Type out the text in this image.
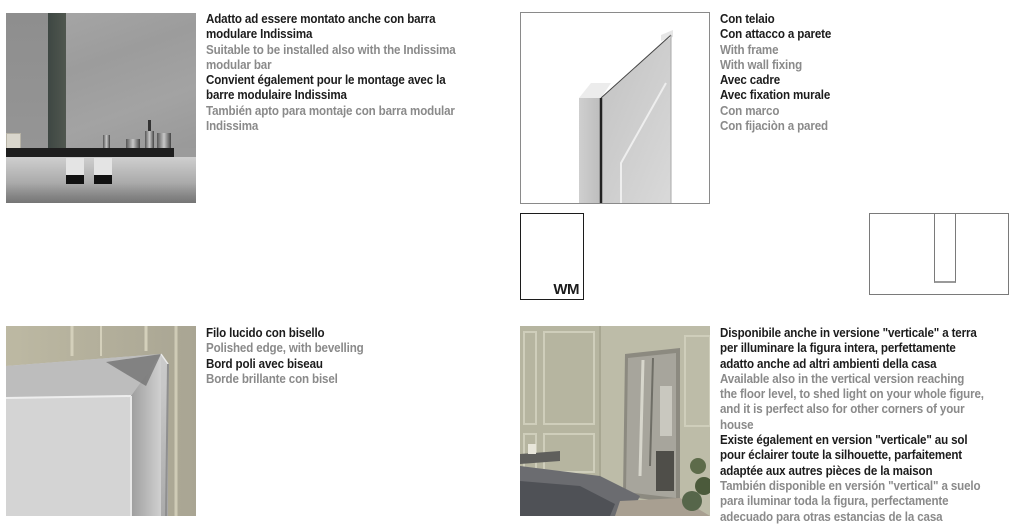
Adatto ad essere montato anche con barra
modulare Indissima
Suitable to be installed also with the Indissima
modular bar
Convient également pour le montage avec la
barre modulaire Indissima
También apto para montaje con barra modular
Indissima
Con telaio
Con attacco a parete
With frame
With wall fixing
Avec cadre
Avec fixation murale
Con marco
Con fijaciòn a pared
WM
Filo lucido con bisello
Polished edge, with bevelling
Bord poli avec biseau
Borde brillante con bisel
Disponibile anche in versione "verticale" a terra
per illuminare la figura intera, perfettamente
adatto anche ad altri ambienti della casa
Available also in the vertical version reaching
the floor level, to shed light on your whole figure,
and it is perfect also for other corners of your
house
Existe également en version "verticale" au sol
pour éclairer toute la silhouette, parfaitement
adaptée aux autres pièces de la maison
También disponible en versión "vertical" a suelo
para iluminar toda la figura, perfectamente
adecuado para otras estancias de la casa
